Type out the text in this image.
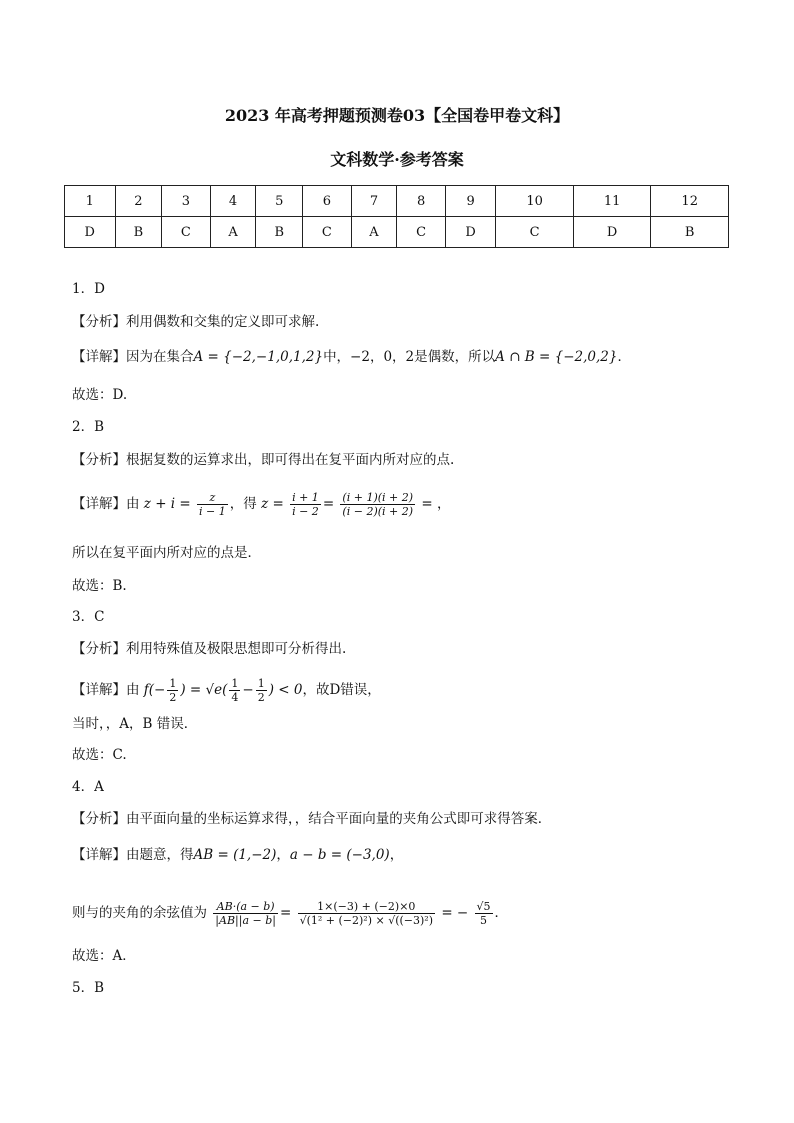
2023 年高考押题预测卷03【全国卷甲卷文科】
文科数学·参考答案
1	2	3	4	5	6	7	8	9	10	11	12
D	B	C	A	B	C	A	C	D	C	D	B
1．D
【分析】利用偶数和交集的定义即可求解.
【详解】因为在集合A = {−2,−1,0,1,2}中，−2，0，2是偶数，所以A ∩ B = {−2,0,2}．
故选：D.
2．B
【分析】根据复数的运算求出，即可得出在复平面内所对应的点.
【详解】由 $z + i = \frac{z}{i - 1}$ ，得 $z = \frac{i + 1}{i - 2} = \frac{(i + 1)(i + 2)}{(i - 2)(i + 2)}$ = ，
所以在复平面内所对应的点是．
故选：B.
3．C
【分析】利用特殊值及极限思想即可分析得出.
【详解】由 $f(- \frac{1}{2}$ ) = $√e( \frac{1}{4} - \frac{1}{2}$ ) < 0，故D错误，
当时，，A，B 错误．
故选：C.
4．A
【分析】由平面向量的坐标运算求得，，结合平面向量的夹角公式即可求得答案．
【详解】由题意，得AB = (1,−2)，a − b = (−3,0)，
则与的夹角的余弦值为 $\frac{AB\cdot(a - b)}{|AB||a - b|} = \frac{1\times(-3) + (-2)\times 0}{\text{√(1² + (−2)²) × √((−3)²)}}$ = − $\frac{√5}{5}$ ．
故选：A．
5．B
